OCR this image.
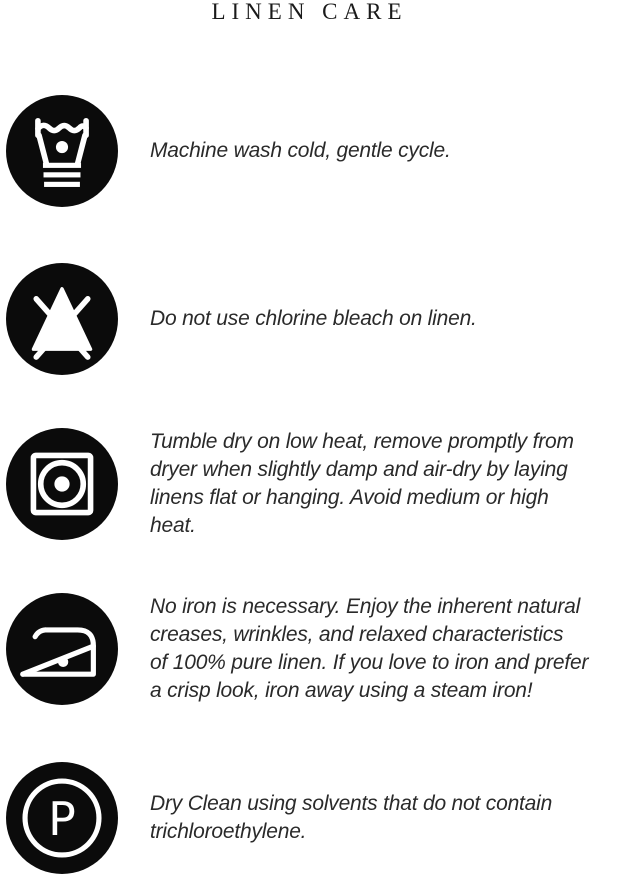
LINEN CARE
Machine wash cold, gentle cycle.
Do not use chlorine bleach on linen.
Tumble dry on low heat, remove promptly from
dryer when slightly damp and air-dry by laying
linens flat or hanging. Avoid medium or high
heat.
No iron is necessary. Enjoy the inherent natural
creases, wrinkles, and relaxed characteristics
of 100% pure linen. If you love to iron and prefer
a crisp look, iron away using a steam iron!
P	Dry Clean using solvents that do not contain
trichloroethylene.
